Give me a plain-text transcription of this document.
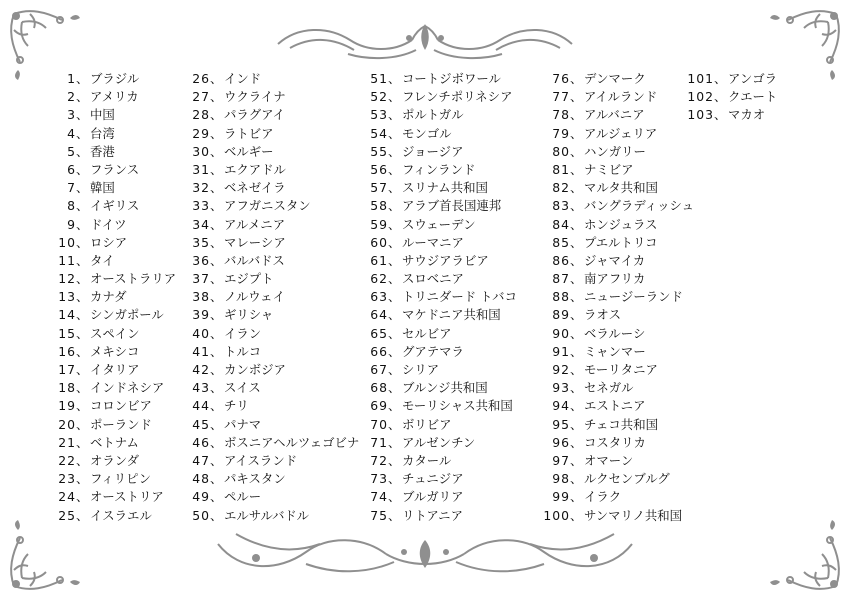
1、 ブラジル
2、 アメリカ
3、 中国
4、 台湾
5、 香港
6、 フランス
7、 韓国
8、 イギリス
9、 ドイツ
10、 ロシア
11、 タイ
12、 オーストラリア
13、 カナダ
14、 シンガポール
15、 スペイン
16、 メキシコ
17、 イタリア
18、 インドネシア
19、 コロンビア
20、 ポーランド
21、 ベトナム
22、 オランダ
23、 フィリピン
24、 オーストリア
25、 イスラエル
26、 インド
27、 ウクライナ
28、 パラグアイ
29、 ラトビア
30、 ベルギー
31、 エクアドル
32、 ベネゼイラ
33、 アフガニスタン
34、 アルメニア
35、 マレーシア
36、 バルバドス
37、 エジプト
38、 ノルウェイ
39、 ギリシャ
40、 イラン
41、 トルコ
42、 カンボジア
43、 スイス
44、 チリ
45、 パナマ
46、 ボスニアヘルツェゴビナ
47、 アイスランド
48、 パキスタン
49、 ペルー
50、 エルサルバドル
51、 コートジボワール
52、 フレンチポリネシア
53、 ポルトガル
54、 モンゴル
55、 ジョージア
56、 フィンランド
57、 スリナム共和国
58、 アラブ首長国連邦
59、 スウェーデン
60、 ルーマニア
61、 サウジアラビア
62、 スロベニア
63、 トリニダード トバコ
64、 マケドニア共和国
65、 セルビア
66、 グアテマラ
67、 シリア
68、 ブルンジ共和国
69、 モーリシャス共和国
70、 ボリビア
71、 アルゼンチン
72、 カタール
73、 チュニジア
74、 ブルガリア
75、 リトアニア
76、 デンマーク
77、 アイルランド
78、 アルバニア
79、 アルジェリア
80、 ハンガリー
81、 ナミビア
82、 マルタ共和国
83、 バングラディッシュ
84、 ホンジュラス
85、 プエルトリコ
86、 ジャマイカ
87、 南アフリカ
88、 ニュージーランド
89、 ラオス
90、 ベラルーシ
91、 ミャンマー
92、 モーリタニア
93、 セネガル
94、 エストニア
95、 チェコ共和国
96、 コスタリカ
97、 オマーン
98、 ルクセンブルグ
99、 イラク
100、 サンマリノ共和国
101、 アンゴラ
102、 クエート
103、 マカオ
